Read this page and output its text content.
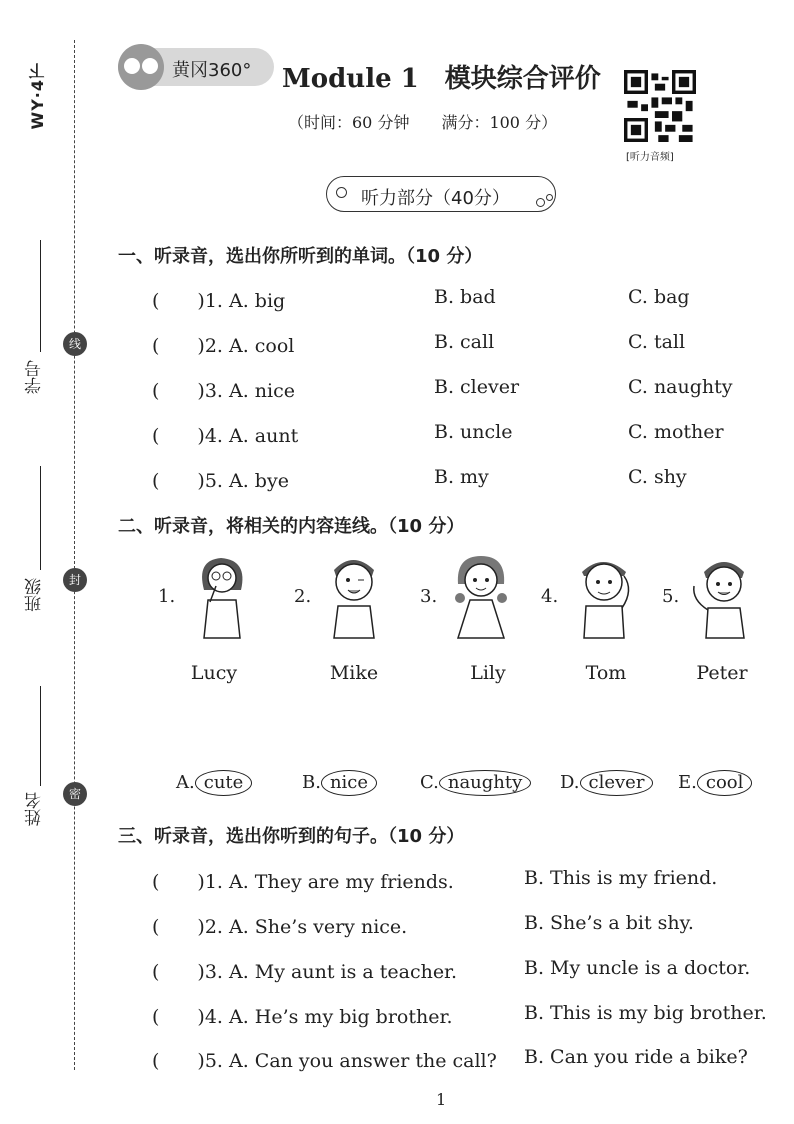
WY·4下
学号
班级
姓名
线
封
密
黄冈360° Module 1　模块综合评价
（时间：60 分钟　　满分：100 分）
[听力音频]
听力部分（40分）
一、听录音，选出你所听到的单词。（10 分）
(　　)1. A. big	B. bad	C. bag
(　　)2. A. cool	B. call	C. tall
(　　)3. A. nice	B. clever	C. naughty
(　　)4. A. aunt	B. uncle	C. mother
(　　)5. A. bye	B. my	C. shy
二、听录音，将相关的内容连线。（10 分）
1.	2.	3.	4.	5.
Lucy	Mike	Lily	Tom	Peter
A. cute	B. nice	C. naughty	D. clever	E. cool
三、听录音，选出你听到的句子。（10 分）
(　　)1. A. They are my friends.	B. This is my friend.
(　　)2. A. She’s very nice.	B. She’s a bit shy.
(　　)3. A. My aunt is a teacher.	B. My uncle is a doctor.
(　　)4. A. He’s my big brother.	B. This is my big brother.
(　　)5. A. Can you answer the call? B. Can you ride a bike?
1
